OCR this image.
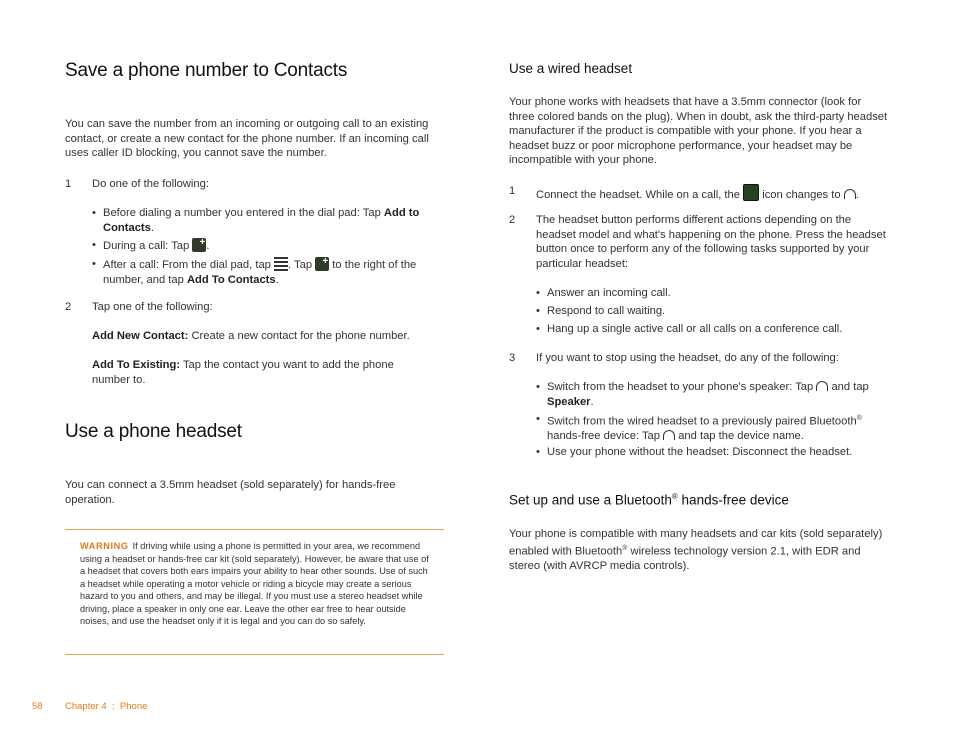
Save a phone number to Contacts

You can save the number from an incoming or outgoing call to an existing contact, or create a new contact for the phone number. If an incoming call uses caller ID blocking, you cannot save the number.

1 Do one of the following:
• Before dialing a number you entered in the dial pad: Tap Add to Contacts.
• During a call: Tap +.
• After a call: From the dial pad, tap . Tap + to the right of the number, and tap Add To Contacts.
2 Tap one of the following:

Add New Contact: Create a new contact for the phone number.

Add To Existing: Tap the contact you want to add the phone number to.

Use a phone headset

You can connect a 3.5mm headset (sold separately) for hands-free operation.

WARNING If driving while using a phone is permitted in your area, we recommend using a headset or hands-free car kit (sold separately). However, be aware that use of a headset that covers both ears impairs your ability to hear other sounds. Use of such a headset while operating a motor vehicle or riding a bicycle may create a serious hazard to you and others, and may be illegal. If you must use a stereo headset while driving, place a speaker in only one ear. Leave the other ear free to hear outside noises, and use the headset only if it is legal and you can do so safely.
Use a wired headset

Your phone works with headsets that have a 3.5mm connector (look for three colored bands on the plug). When in doubt, ask the third-party headset manufacturer if the product is compatible with your phone. If you hear a headset buzz or poor microphone performance, your headset may be incompatible with your phone.

1 Connect the headset. While on a call, the  icon changes to .
2 The headset button performs different actions depending on the headset model and what's happening on the phone. Press the headset button once to perform any of the following tasks supported by your particular headset:
• Answer an incoming call.
• Respond to call waiting.
• Hang up a single active call or all calls on a conference call.
3 If you want to stop using the headset, do any of the following:
• Switch from the headset to your phone's speaker: Tap  and tap Speaker.
• Switch from the wired headset to a previously paired Bluetooth® hands-free device: Tap  and tap the device name.
• Use your phone without the headset: Disconnect the headset.
Set up and use a Bluetooth® hands-free device

Your phone is compatible with many headsets and car kits (sold separately) enabled with Bluetooth® wireless technology version 2.1, with EDR and stereo (with AVRCP media controls).

58 Chapter 4  :  Phone
